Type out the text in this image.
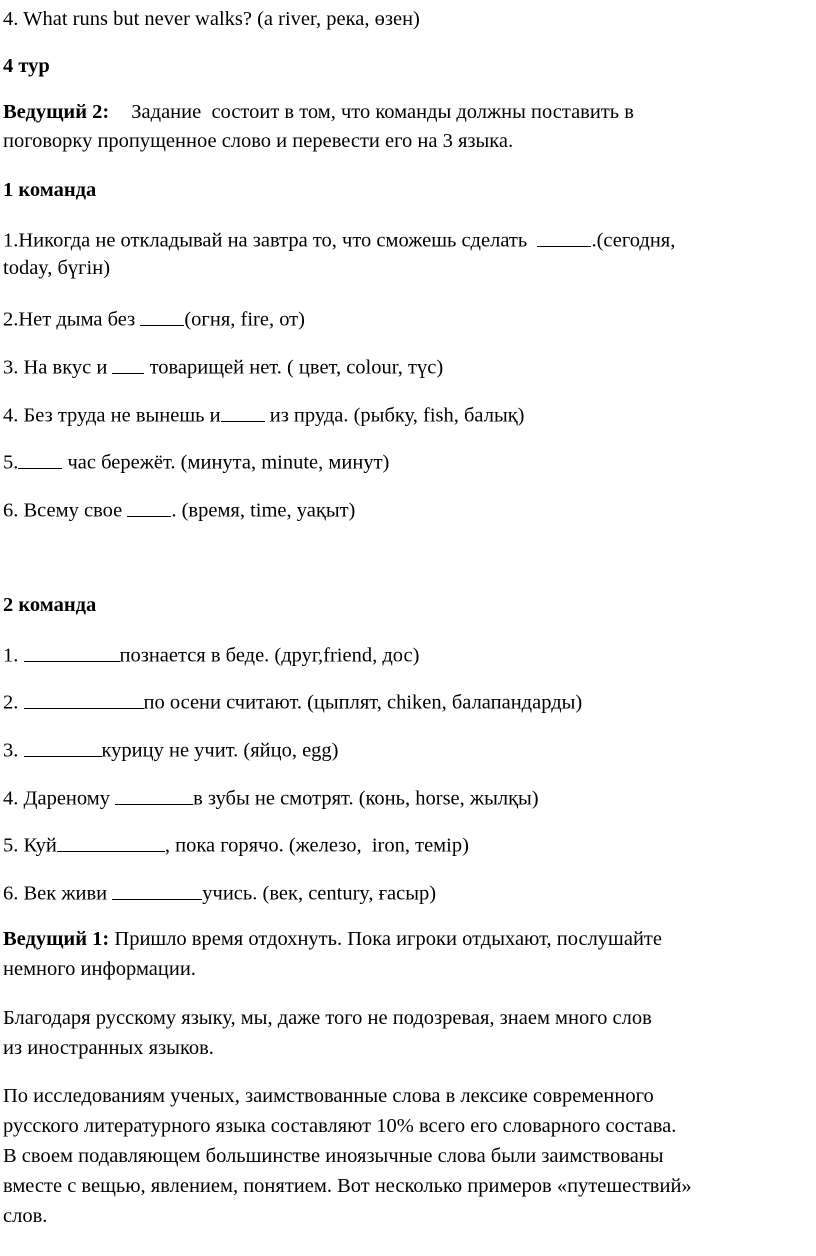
4. What runs but never walks? (a river, река, өзен)
4 тур
Ведущий 2: Задание  состоит в том, что команды должны поставить в
поговорку пропущенное слово и перевести его на 3 языка.
1 команда
1.Никогда не откладывай на завтра то, что сможешь сделать	.(сегодня,
today, бүгін)
2.Нет дыма без (огня, fire, от)
3. На вкус и  товарищей нет. ( цвет, colour, түс)
4. Без труда не вынешь и из пруда. (рыбку, fish, балық)
5. час бережёт. (минута, minute, минут)
6. Всему свое . (время, time, уақыт)
2 команда
1.	познается в беде. (друг,friend, дос)
2.	по осени считают. (цыплят, chiken, балапандарды)
3.	курицу не учит. (яйцо, egg)
4. Дареному	в зубы не смотрят. (конь, horse, жылқы)
5. Куй	, пока горячо. (железо,  iron, темір)
6. Век живи	учись. (век, century, ғасыр)
Ведущий 1: Пришло время отдохнуть. Пока игроки отдыхают, послушайте
немного информации.
Благодаря русскому языку, мы, даже того не подозревая, знаем много слов
из иностранных языков.
По исследованиям ученых, заимствованные слова в лексике современного
русского литературного языка составляют 10% всего его словарного состава.
В своем подавляющем большинстве иноязычные слова были заимствованы
вместе с вещью, явлением, понятием. Вот несколько примеров «путешествий»
слов.
